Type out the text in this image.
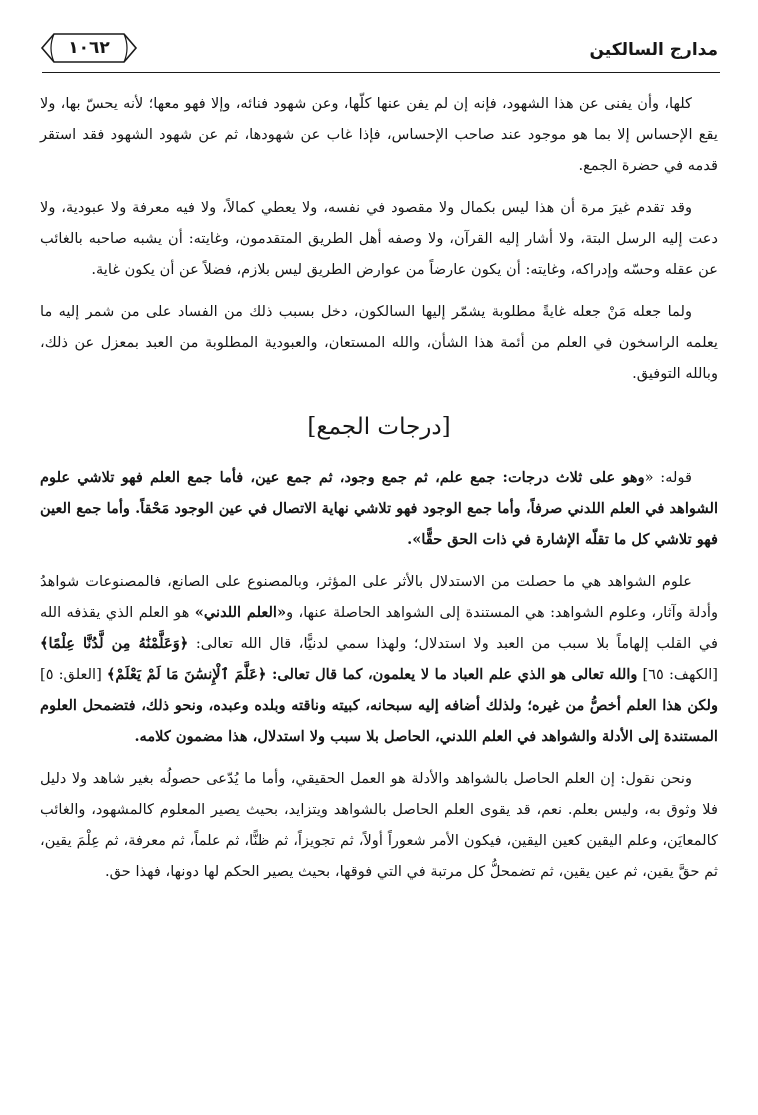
مدارج السالكين
١٠٦٢

كلها، وأن يفنى عن هذا الشهود، فإنه إن لم يفن عنها كلّها، وعن شهود فنائه، وإلا فهو معها؛ لأنه يحسّ بها، ولا يقع الإحساس إلا بما هو موجود عند صاحب الإحساس، فإذا غاب عن شهودها، ثم عن شهود الشهود فقد استقر قدمه في حضرة الجمع.

وقد تقدم غيرَ مرة أن هذا ليس بكمال ولا مقصود في نفسه، ولا يعطي كمالاً، ولا فيه معرفة ولا عبودية، ولا دعت إليه الرسل البتة، ولا أشار إليه القرآن، ولا وصفه أهل الطريق المتقدمون، وغايته: أن يشبه صاحبه بالغائب عن عقله وحسّه وإدراكه، وغايته: أن يكون عارضاً من عوارض الطريق ليس بلازم، فضلاً عن أن يكون غاية.

ولما جعله مَنْ جعله غايةً مطلوبة يشمّر إليها السالكون، دخل بسبب ذلك من الفساد على من شمر إليه ما يعلمه الراسخون في العلم من أئمة هذا الشأن، والله المستعان، والعبودية المطلوبة من العبد بمعزل عن ذلك، وبالله التوفيق.

[درجات الجمع]

قوله: «وهو على ثلاث درجات: جمع علم، ثم جمع وجود، ثم جمع عين، فأما جمع العلم فهو تلاشي علوم الشواهد في العلم اللدني صرفاً، وأما جمع الوجود فهو تلاشي نهاية الاتصال في عين الوجود مَحْقاً. وأما جمع العين فهو تلاشي كل ما تقلّه الإشارة في ذات الحق حقًّا».

علوم الشواهد هي ما حصلت من الاستدلال بالأثر على المؤثر، وبالمصنوع على الصانع، فالمصنوعات شواهدُ وأدلة وآثار، وعلوم الشواهد: هي المستندة إلى الشواهد الحاصلة عنها، و«العلم اللدني» هو العلم الذي يقذفه الله في القلب إلهاماً بلا سبب من العبد ولا استدلال؛ ولهذا سمي لدنيًّا، قال الله تعالى: ﴿وَعَلَّمْنَٰهُ مِن لَّدُنَّا عِلْمًا﴾ [الكهف: ٦٥] والله تعالى هو الذي علم العباد ما لا يعلمون، كما قال تعالى: ﴿عَلَّمَ ٱلْإِنسَٰنَ مَا لَمْ يَعْلَمْ﴾ [العلق: ٥] ولكن هذا العلم أخصُّ من غيره؛ ولذلك أضافه إليه سبحانه، كبيته وناقته وبلده وعبده، ونحو ذلك، فتضمحل العلوم المستندة إلى الأدلة والشواهد في العلم اللدني، الحاصل بلا سبب ولا استدلال، هذا مضمون كلامه.

ونحن نقول: إن العلم الحاصل بالشواهد والأدلة هو العمل الحقيقي، وأما ما يُدّعى حصولُه بغير شاهد ولا دليل فلا وثوق به، وليس بعلم. نعم، قد يقوى العلم الحاصل بالشواهد ويتزايد، بحيث يصير المعلوم كالمشهود، والغائب كالمعايَن، وعلم اليقين كعين اليقين، فيكون الأمر شعوراً أولاً، ثم تجويزاً، ثم ظنًّا، ثم علماً، ثم معرفة، ثم عِلْمَ يقين، ثم حقَّ يقين، ثم عين يقين، ثم تضمحلُّ كل مرتبة في التي فوقها، بحيث يصير الحكم لها دونها، فهذا حق.
